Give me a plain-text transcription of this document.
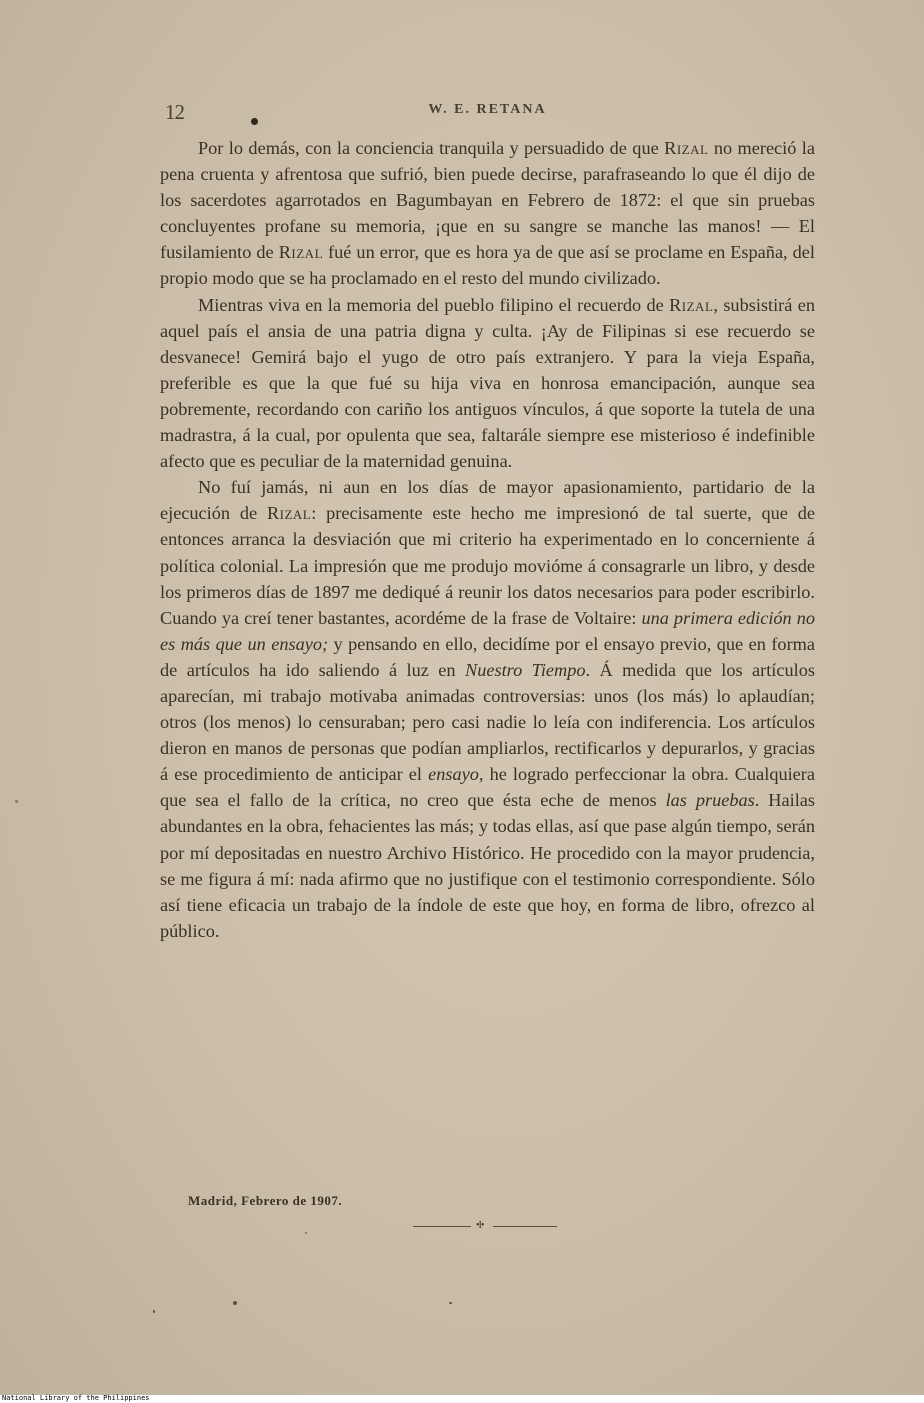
12	W. E. RETANA

Por lo demás, con la conciencia tranquila y persuadido de que Rizal no mereció la pena cruenta y afrentosa que sufrió, bien puede decirse, parafraseando lo que él dijo de los sacerdotes agarrotados en Bagumbayan en Febrero de 1872: el que sin pruebas concluyentes profane su memoria, ¡que en su sangre se manche las manos! — El fusilamiento de Rizal fué un error, que es hora ya de que así se proclame en España, del propio modo que se ha proclamado en el resto del mundo civilizado.

Mientras viva en la memoria del pueblo filipino el recuerdo de Rizal, subsistirá en aquel país el ansia de una patria digna y culta. ¡Ay de Filipinas si ese recuerdo se desvanece! Gemirá bajo el yugo de otro país extranjero. Y para la vieja España, preferible es que la que fué su hija viva en honrosa emancipación, aunque sea pobremente, recordando con cariño los antiguos vínculos, á que soporte la tutela de una madrastra, á la cual, por opulenta que sea, faltarále siempre ese misterioso é indefinible afecto que es peculiar de la maternidad genuina.

No fuí jamás, ni aun en los días de mayor apasionamiento, partidario de la ejecución de Rizal: precisamente este hecho me impresionó de tal suerte, que de entonces arranca la desviación que mi criterio ha experimentado en lo concerniente á política colonial. La impresión que me produjo movióme á consagrarle un libro, y desde los primeros días de 1897 me dediqué á reunir los datos necesarios para poder escribirlo. Cuando ya creí tener bastantes, acordéme de la frase de Voltaire: una primera edición no es más que un ensayo; y pensando en ello, decidíme por el ensayo previo, que en forma de artículos ha ido saliendo á luz en Nuestro Tiempo. Á medida que los artículos aparecían, mi trabajo motivaba animadas controversias: unos (los más) lo aplaudían; otros (los menos) lo censuraban; pero casi nadie lo leía con indiferencia. Los artículos dieron en manos de personas que podían ampliarlos, rectificarlos y depurarlos, y gracias á ese procedimiento de anticipar el ensayo, he logrado perfeccionar la obra. Cualquiera que sea el fallo de la crítica, no creo que ésta eche de menos las pruebas. Hailas abundantes en la obra, fehacientes las más; y todas ellas, así que pase algún tiempo, serán por mí depositadas en nuestro Archivo Histórico. He procedido con la mayor prudencia, se me figura á mí: nada afirmo que no justifique con el testimonio correspondiente. Sólo así tiene eficacia un trabajo de la índole de este que hoy, en forma de libro, ofrezco al público.

Madrid, Febrero de 1907.
•I•
National Library of the Philippines
